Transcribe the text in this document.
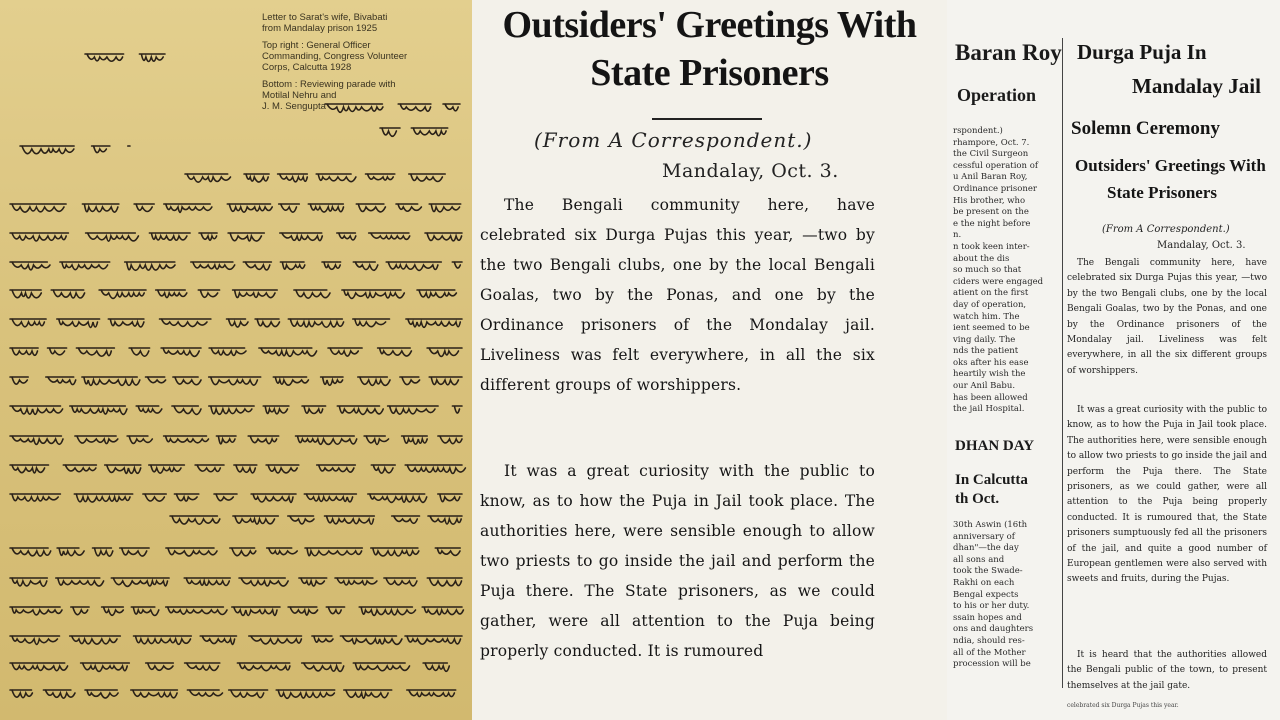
Letter to Sarat's wife, Bivabati
from Mandalay prison 1925

Top right : General Officer
Commanding, Congress Volunteer
Corps, Calcutta 1928

Bottom : Reviewing parade with
Motilal Nehru and
J. M. Sengupta

Outsiders' Greetings With
State Prisoners
(From A Correspondent.)
Mandalay, Oct. 3.

The Bengali community here, have celebrated six Durga Pujas this year, —two by the two Bengali clubs, one by the local Bengali Goalas, two by the Ponas, and one by the Ordinance prisoners of the Mondalay jail. Liveliness was felt everywhere, in all the six different groups of worshippers.

It was a great curiosity with the public to know, as to how the Puja in Jail took place. The authorities here, were sensible enough to allow two priests to go inside the jail and perform the Puja there. The State prisoners, as we could gather, were all attention to the Puja being properly conducted. It is rumoured

Baran Roy
Operation

rspondent.)
rhampore, Oct. 7.
the Civil Surgeon
cessful operation of
u Anil Baran Roy,
Ordinance prisoner
His brother, who
be present on the
e the night before
n.
n took keen inter-
about the dis
so much so that
ciders were engaged
atient on the first
day of operation,
watch him. The
ient seemed to be
ving daily. The
nds the patient
oks after his ease
heartily wish the
our Anil Babu.
has been allowed
the jail Hospital.

DHAN DAY
In Calcutta
th Oct.

30th Aswin (16th
anniversary of
dhan"—the day
all sons and
took the Swade-
Rakhi on each
Bengal expects
to his or her duty.
ssain hopes and
ons and daughters
ndia, should res-
all of the Mother
procession will be

Durga Puja In
Mandalay Jail
Solemn Ceremony
Outsiders' Greetings With
State Prisoners
(From A Correspondent.)
Mandalay, Oct. 3.

The Bengali community here, have celebrated six Durga Pujas this year, —two by the two Bengali clubs, one by the local Bengali Goalas, two by the Ponas, and one by the Ordinance prisoners of the Mondalay jail. Liveliness was felt everywhere, in all the six different groups of worshippers.

It was a great curiosity with the public to know, as to how the Puja in Jail took place. The authorities here, were sensible enough to allow two priests to go inside the jail and perform the Puja there. The State prisoners, as we could gather, were all attention to the Puja being properly conducted. It is rumoured that, the State prisoners sumptuously fed all the prisoners of the jail, and quite a good number of European gentlemen were also served with sweets and fruits, during the Pujas.

It is heard that the authorities allowed the Bengali public of the town, to present themselves at the jail gate.

celebrated six Durga Pujas this year.
